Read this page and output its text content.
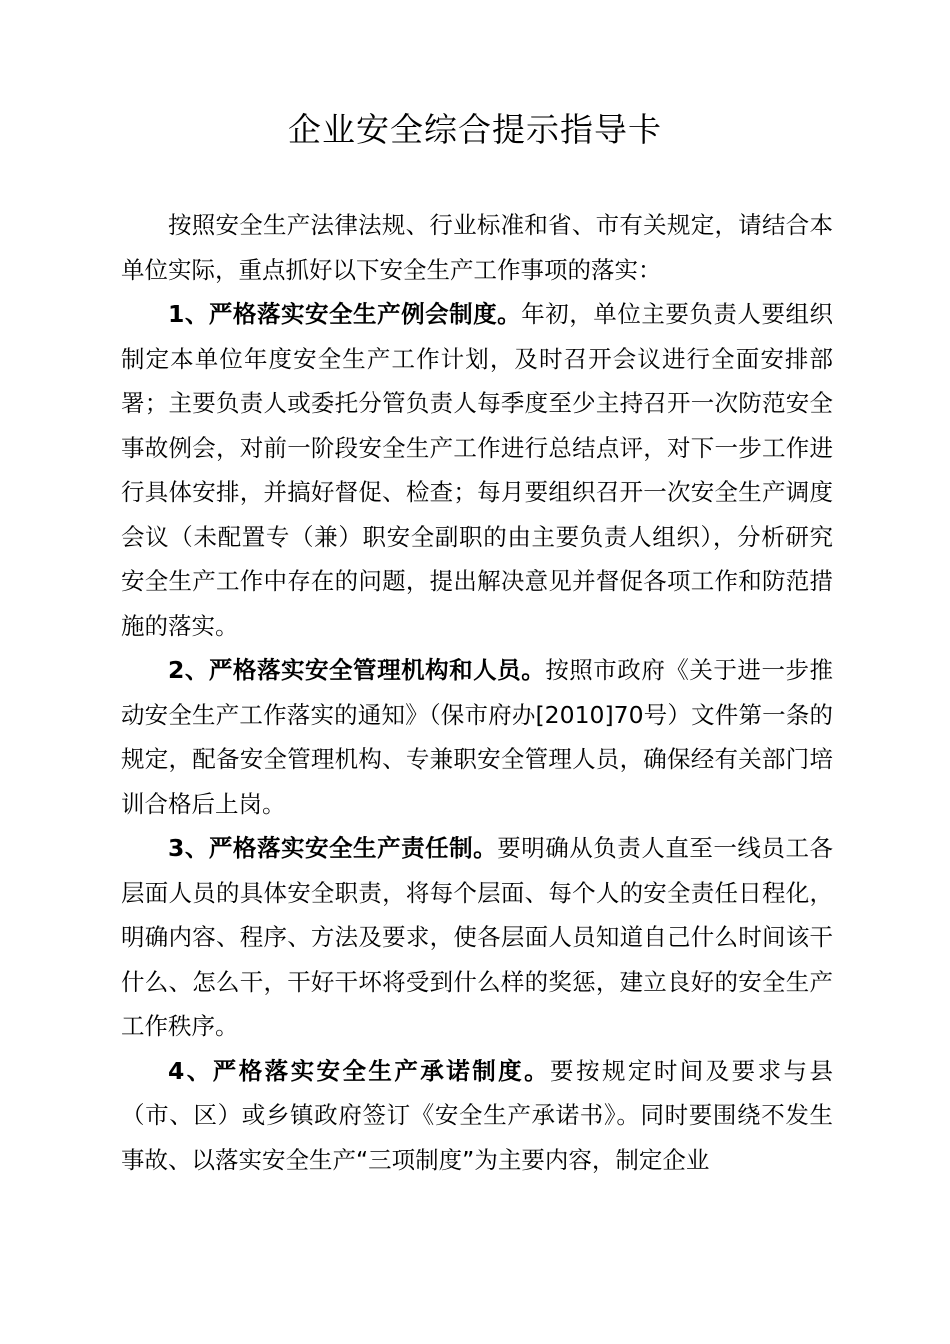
企业安全综合提示指导卡

按照安全生产法律法规、行业标准和省、市有关规定，请结合本单位实际，重点抓好以下安全生产工作事项的落实：

1、严格落实安全生产例会制度。年初，单位主要负责人要组织制定本单位年度安全生产工作计划，及时召开会议进行全面安排部署；主要负责人或委托分管负责人每季度至少主持召开一次防范安全事故例会，对前一阶段安全生产工作进行总结点评，对下一步工作进行具体安排，并搞好督促、检查；每月要组织召开一次安全生产调度会议（未配置专（兼）职安全副职的由主要负责人组织），分析研究安全生产工作中存在的问题，提出解决意见并督促各项工作和防范措施的落实。

2、严格落实安全管理机构和人员。按照市政府《关于进一步推动安全生产工作落实的通知》（保市府办[2010]70号）文件第一条的规定，配备安全管理机构、专兼职安全管理人员，确保经有关部门培训合格后上岗。

3、严格落实安全生产责任制。要明确从负责人直至一线员工各层面人员的具体安全职责，将每个层面、每个人的安全责任日程化，明确内容、程序、方法及要求，使各层面人员知道自己什么时间该干什么、怎么干，干好干坏将受到什么样的奖惩，建立良好的安全生产工作秩序。

4、严格落实安全生产承诺制度。要按规定时间及要求与县（市、区）或乡镇政府签订《安全生产承诺书》。同时要围绕不发生事故、以落实安全生产“三项制度”为主要内容，制定企业
